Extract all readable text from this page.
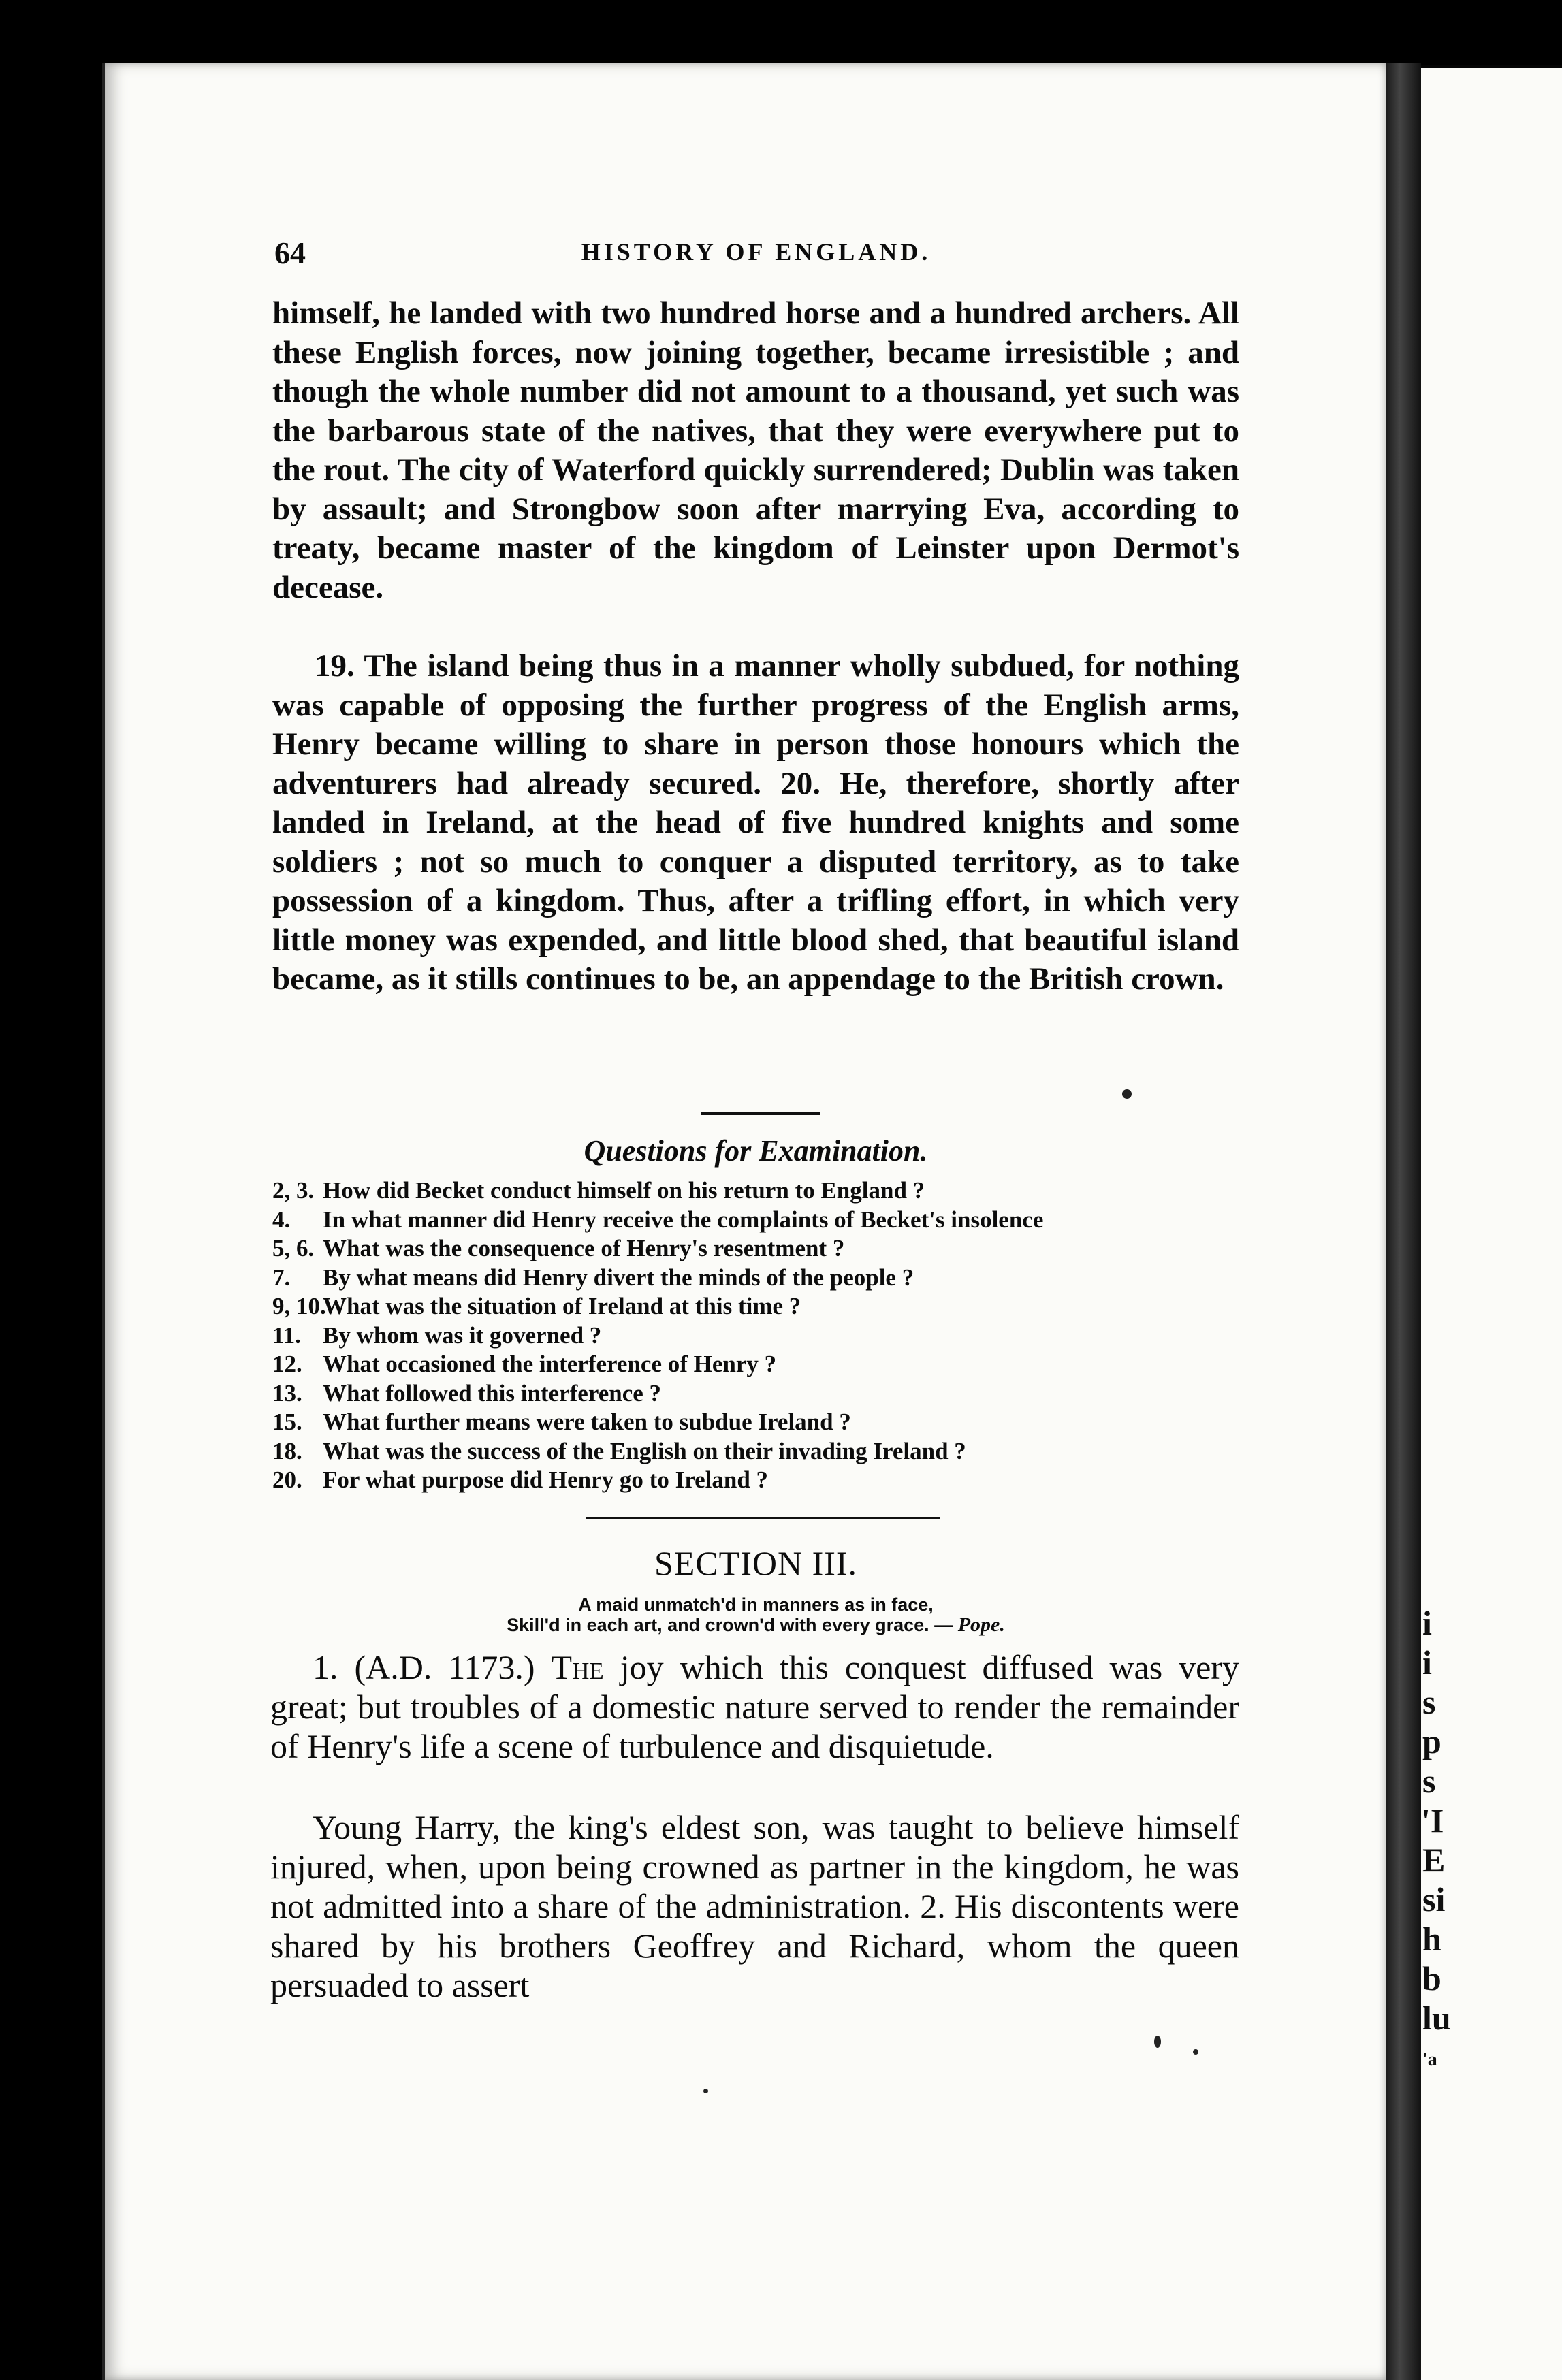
i
i
s
p
s
'I
E
si
h
b
lu
'a
64	HISTORY OF ENGLAND.

himself, he landed with two hundred horse and a hundred archers. All these English forces, now joining together, became irresistible ; and though the whole number did not amount to a thousand, yet such was the barbarous state of the natives, that they were everywhere put to the rout. The city of Waterford quickly surrendered; Dublin was taken by assault; and Strongbow soon after marrying Eva, according to treaty, became master of the kingdom of Leinster upon Dermot's decease.

19. The island being thus in a manner wholly subdued, for nothing was capable of opposing the further progress of the English arms, Henry became willing to share in person those honours which the adventurers had already secured. 20. He, therefore, shortly after landed in Ireland, at the head of five hundred knights and some soldiers ; not so much to conquer a disputed territory, as to take possession of a kingdom. Thus, after a trifling effort, in which very little money was expended, and little blood shed, that beautiful island became, as it stills continues to be, an appendage to the British crown.

Questions for Examination.
2, 3. How did Becket conduct himself on his return to England ?
4. In what manner did Henry receive the complaints of Becket's insolence
5, 6. What was the consequence of Henry's resentment ?
7. By what means did Henry divert the minds of the people ?
9, 10.What was the situation of Ireland at this time ?
11. By whom was it governed ?
12. What occasioned the interference of Henry ?
13. What followed this interference ?
15. What further means were taken to subdue Ireland ?
18. What was the success of the English on their invading Ireland ?
20. For what purpose did Henry go to Ireland ?
SECTION III.
A maid unmatch'd in manners as in face,
Skill'd in each art, and crown'd with every grace. — Pope.

1. (A.D. 1173.) The joy which this conquest diffused was very great; but troubles of a domestic nature served to render the remainder of Henry's life a scene of turbulence and disquietude.

Young Harry, the king's eldest son, was taught to believe himself injured, when, upon being crowned as partner in the kingdom, he was not admitted into a share of the administration. 2. His discontents were shared by his brothers Geoffrey and Richard, whom the queen persuaded to assert
